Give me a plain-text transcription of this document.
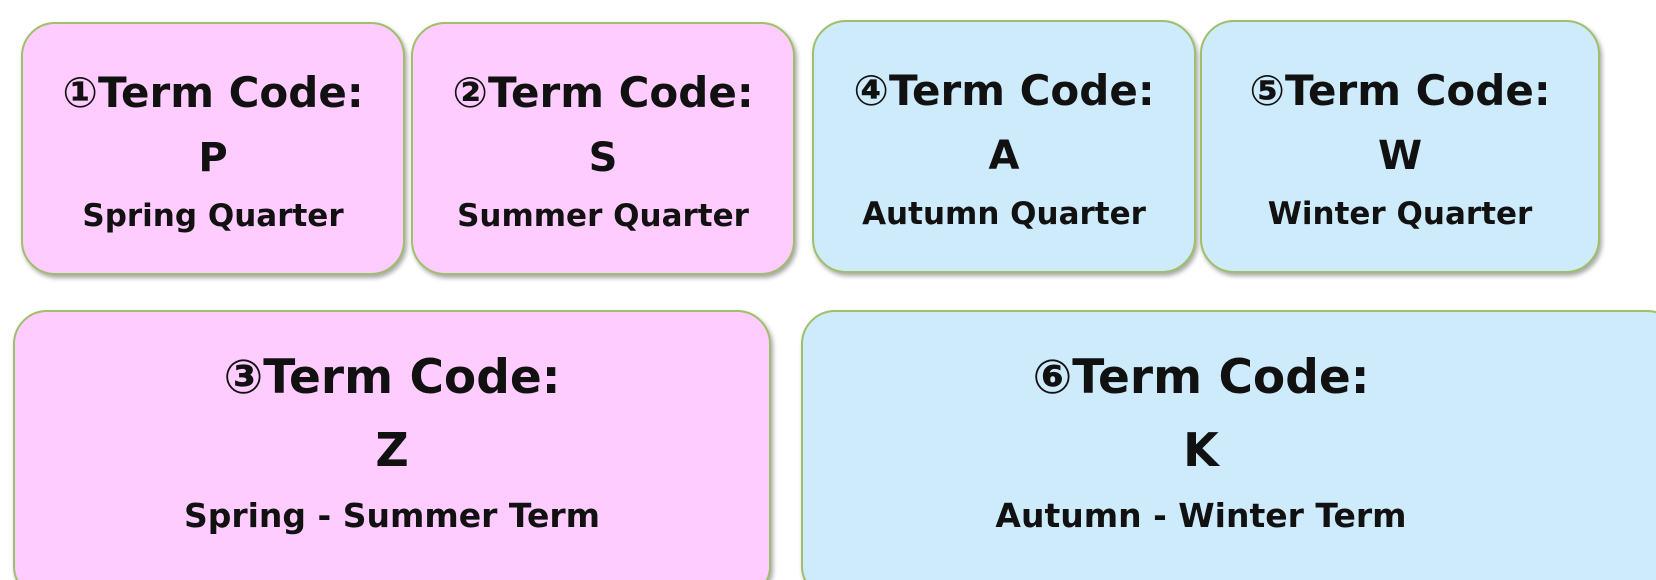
①Term Code:
P
Spring Quarter
②Term Code:
S
Summer Quarter
③Term Code:
Z
Spring - Summer Term
④Term Code:
A
Autumn Quarter
⑤Term Code:
W
Winter Quarter
⑥Term Code:
K
Autumn - Winter Term
